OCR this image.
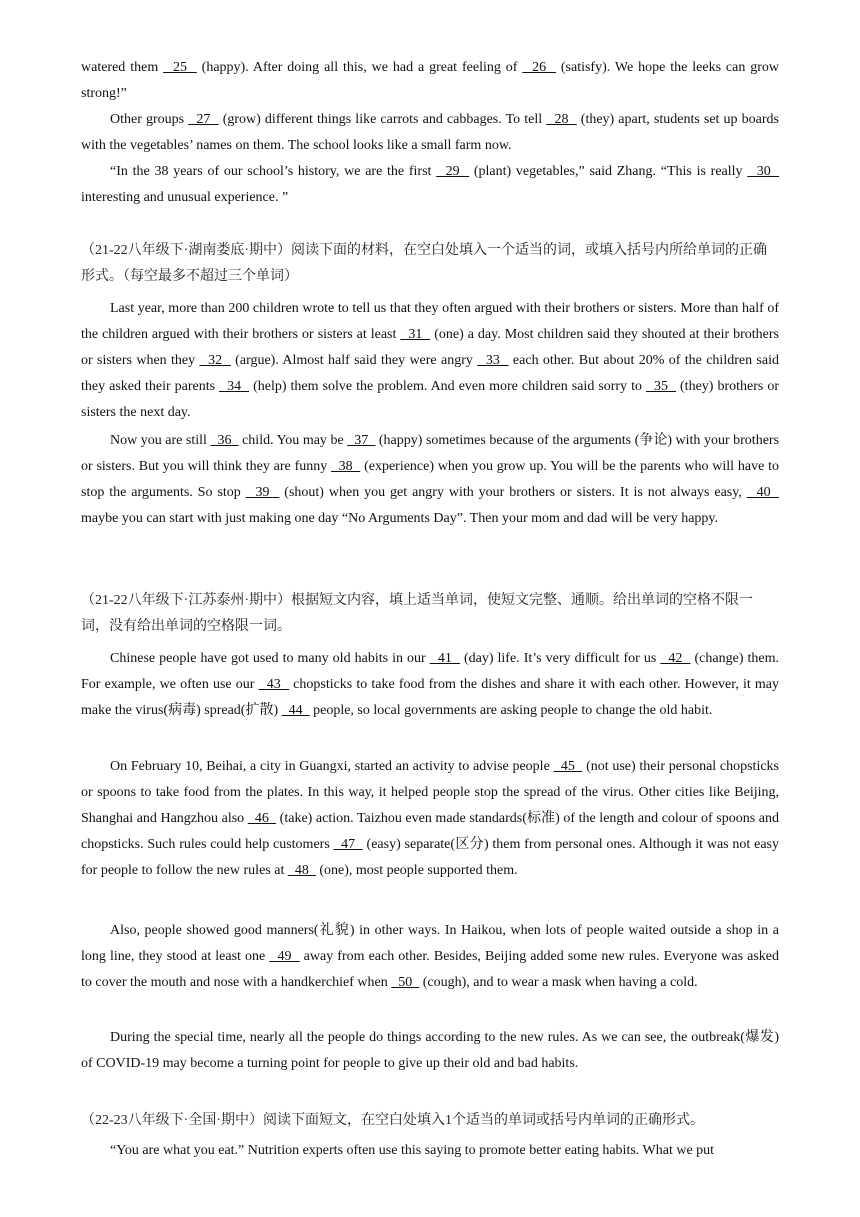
watered them   25   (happy). After doing all this, we had a great feeling of   26   (satisfy). We hope the leeks can grow strong!”
Other groups   27   (grow) different things like carrots and cabbages. To tell   28   (they) apart, students set up boards with the vegetables’ names on them. The school looks like a small farm now.
“In the 38 years of our school’s history, we are the first   29   (plant) vegetables,” said Zhang. “This is really   30   interesting and unusual experience. ”
（21-22八年级下·湖南娄底·期中）阅读下面的材料，在空白处填入一个适当的词，或填入括号内所给单词的正确形式。（每空最多不超过三个单词）
Last year, more than 200 children wrote to tell us that they often argued with their brothers or sisters. More than half of the children argued with their brothers or sisters at least   31   (one) a day. Most children said they shouted at their brothers or sisters when they   32   (argue). Almost half said they were angry   33   each other. But about 20% of the children said they asked their parents   34   (help) them solve the problem. And even more children said sorry to   35   (they) brothers or sisters the next day.
Now you are still   36   child. You may be   37   (happy) sometimes because of the arguments (争论) with your brothers or sisters. But you will think they are funny   38   (experience) when you grow up. You will be the parents who will have to stop the arguments. So stop   39   (shout) when you get angry with your brothers or sisters. It is not always easy,   40   maybe you can start with just making one day “No Arguments Day”. Then your mom and dad will be very happy.
（21-22八年级下·江苏泰州·期中）根据短文内容，填上适当单词，使短文完整、通顺。给出单词的空格不限一词，没有给出单词的空格限一词。
Chinese people have got used to many old habits in our   41   (day) life. It’s very difficult for us   42   (change) them. For example, we often use our   43   chopsticks to take food from the dishes and share it with each other. However, it may make the virus(病毒) spread(扩散)   44   people, so local governments are asking people to change the old habit.
On February 10, Beihai, a city in Guangxi, started an activity to advise people   45   (not use) their personal chopsticks or spoons to take food from the plates. In this way, it helped people stop the spread of the virus. Other cities like Beijing, Shanghai and Hangzhou also   46   (take) action. Taizhou even made standards(标准) of the length and colour of spoons and chopsticks. Such rules could help customers   47   (easy) separate(区分) them from personal ones. Although it was not easy for people to follow the new rules at   48   (one), most people supported them.
Also, people showed good manners(礼貌) in other ways. In Haikou, when lots of people waited outside a shop in a long line, they stood at least one   49   away from each other. Besides, Beijing added some new rules. Everyone was asked to cover the mouth and nose with a handkerchief when   50   (cough), and to wear a mask when having a cold.
During the special time, nearly all the people do things according to the new rules. As we can see, the outbreak(爆发) of COVID-19 may become a turning point for people to give up their old and bad habits.
（22-23八年级下·全国·期中）阅读下面短文，在空白处填入1个适当的单词或括号内单词的正确形式。
“You are what you eat.” Nutrition experts often use this saying to promote better eating habits. What we put
